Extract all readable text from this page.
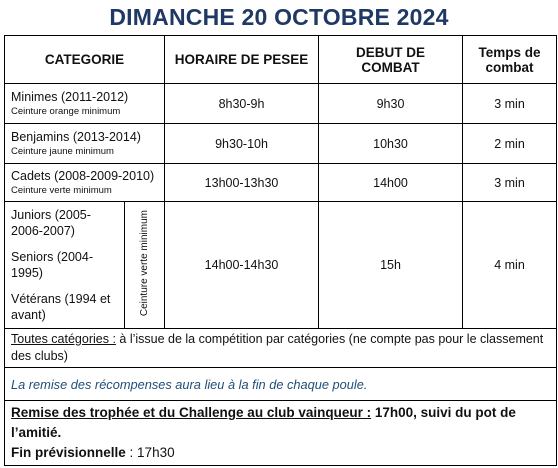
DIMANCHE 20 OCTOBRE 2024
CATEGORIE		HORAIRE DE PESEE	DEBUT DE COMBAT	Temps de combat

Minimes (2011-2012)
Ceinture orange minimum		8h30-9h	9h30	3 min

Benjamins (2013-2014)
Ceinture jaune minimum		9h30-10h	10h30	2 min

Cadets (2008-2009-2010)
Ceinture verte minimum		13h00-13h30	14h00	3 min

Juniors (2005-2006-2007)
Seniors (2004-1995)
Vétérans (1994 et avant)	Ceinture verte minimum	14h00-14h30	15h	4 min
Toutes catégories : à l’issue de la compétition par catégories (ne compte pas pour le classement des clubs)				
La remise des récompenses aura lieu à la fin de chaque poule.				

Remise des trophée et du Challenge au club vainqueur : 17h00, suivi du pot de l’amitié.
Fin prévisionnelle : 17h30				
